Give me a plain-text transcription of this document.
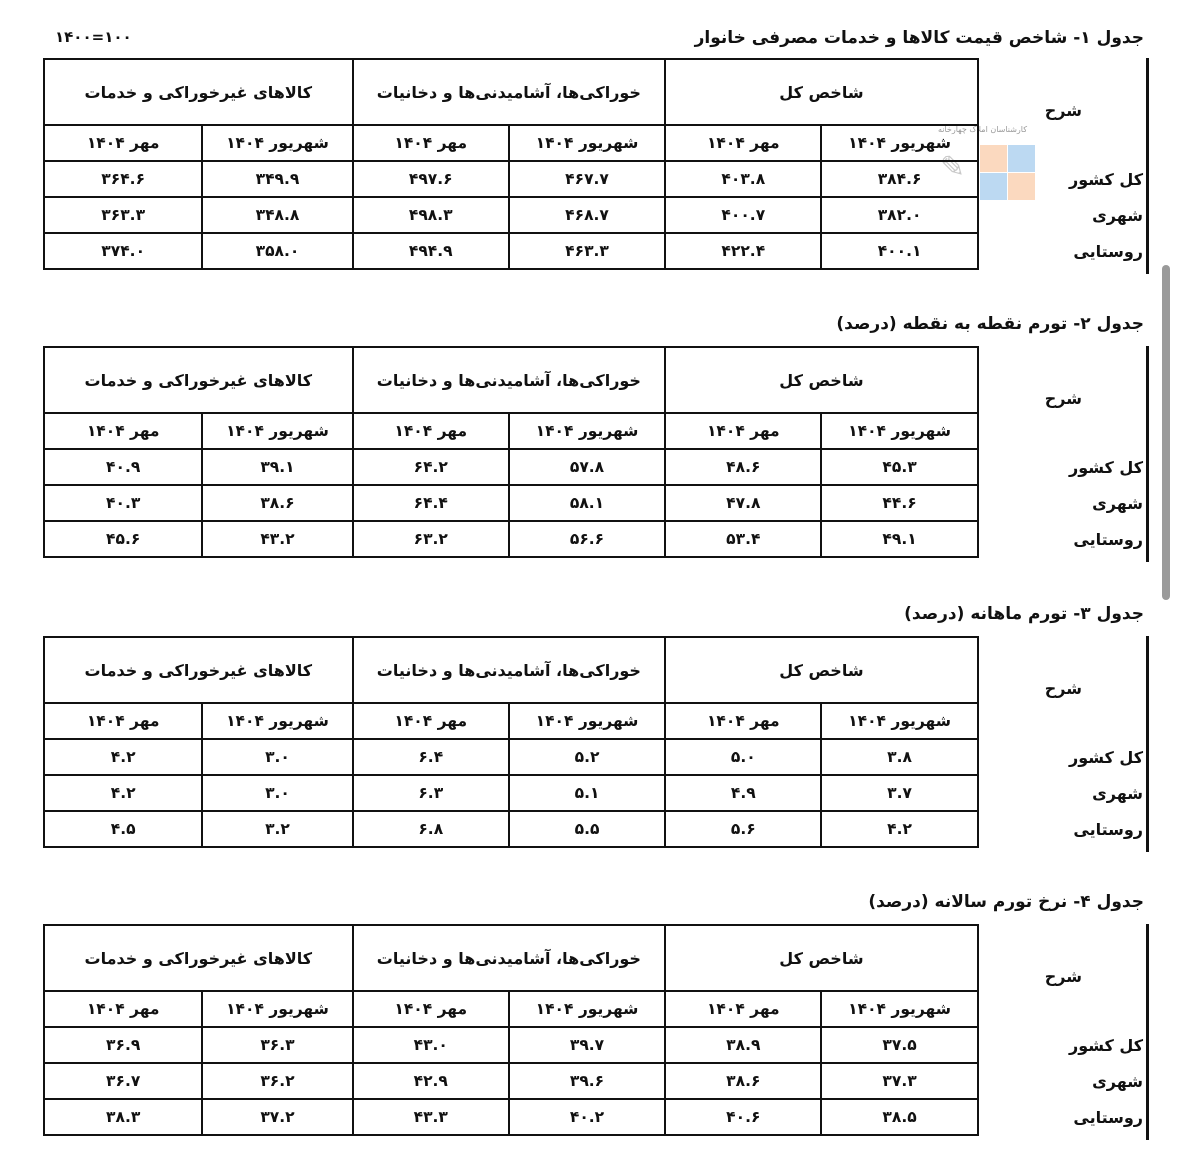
۱۴۰۰=۱۰۰
کارشناسان املاک چهارخانه
✎
جدول ۱- شاخص قیمت کالاها و خدمات مصرفی خانوار
شرح	شاخص کل		خوراکی‌ها، آشامیدنی‌ها و دخانیات		کالاهای غیرخوراکی و خدمات	
	شهریور ۱۴۰۴	مهر ۱۴۰۴	شهریور ۱۴۰۴	مهر ۱۴۰۴	شهریور ۱۴۰۴	مهر ۱۴۰۴
کل کشور	۳۸۴.۶	۴۰۳.۸	۴۶۷.۷	۴۹۷.۶	۳۴۹.۹	۳۶۴.۶
شهری	۳۸۲.۰	۴۰۰.۷	۴۶۸.۷	۴۹۸.۳	۳۴۸.۸	۳۶۳.۳
روستایی	۴۰۰.۱	۴۲۲.۴	۴۶۳.۳	۴۹۴.۹	۳۵۸.۰	۳۷۴.۰
جدول ۲- تورم نقطه به نقطه (درصد)
شرح	شاخص کل		خوراکی‌ها، آشامیدنی‌ها و دخانیات		کالاهای غیرخوراکی و خدمات	
	شهریور ۱۴۰۴	مهر ۱۴۰۴	شهریور ۱۴۰۴	مهر ۱۴۰۴	شهریور ۱۴۰۴	مهر ۱۴۰۴
کل کشور	۴۵.۳	۴۸.۶	۵۷.۸	۶۴.۲	۳۹.۱	۴۰.۹
شهری	۴۴.۶	۴۷.۸	۵۸.۱	۶۴.۴	۳۸.۶	۴۰.۳
روستایی	۴۹.۱	۵۳.۴	۵۶.۶	۶۳.۲	۴۳.۲	۴۵.۶
جدول ۳- تورم ماهانه (درصد)
شرح	شاخص کل		خوراکی‌ها، آشامیدنی‌ها و دخانیات		کالاهای غیرخوراکی و خدمات	
	شهریور ۱۴۰۴	مهر ۱۴۰۴	شهریور ۱۴۰۴	مهر ۱۴۰۴	شهریور ۱۴۰۴	مهر ۱۴۰۴
کل کشور	۳.۸	۵.۰	۵.۲	۶.۴	۳.۰	۴.۲
شهری	۳.۷	۴.۹	۵.۱	۶.۳	۳.۰	۴.۲
روستایی	۴.۲	۵.۶	۵.۵	۶.۸	۳.۲	۴.۵
جدول ۴- نرخ تورم سالانه (درصد)
شرح	شاخص کل		خوراکی‌ها، آشامیدنی‌ها و دخانیات		کالاهای غیرخوراکی و خدمات	
	شهریور ۱۴۰۴	مهر ۱۴۰۴	شهریور ۱۴۰۴	مهر ۱۴۰۴	شهریور ۱۴۰۴	مهر ۱۴۰۴
کل کشور	۳۷.۵	۳۸.۹	۳۹.۷	۴۳.۰	۳۶.۳	۳۶.۹
شهری	۳۷.۳	۳۸.۶	۳۹.۶	۴۲.۹	۳۶.۲	۳۶.۷
روستایی	۳۸.۵	۴۰.۶	۴۰.۲	۴۳.۳	۳۷.۲	۳۸.۳
